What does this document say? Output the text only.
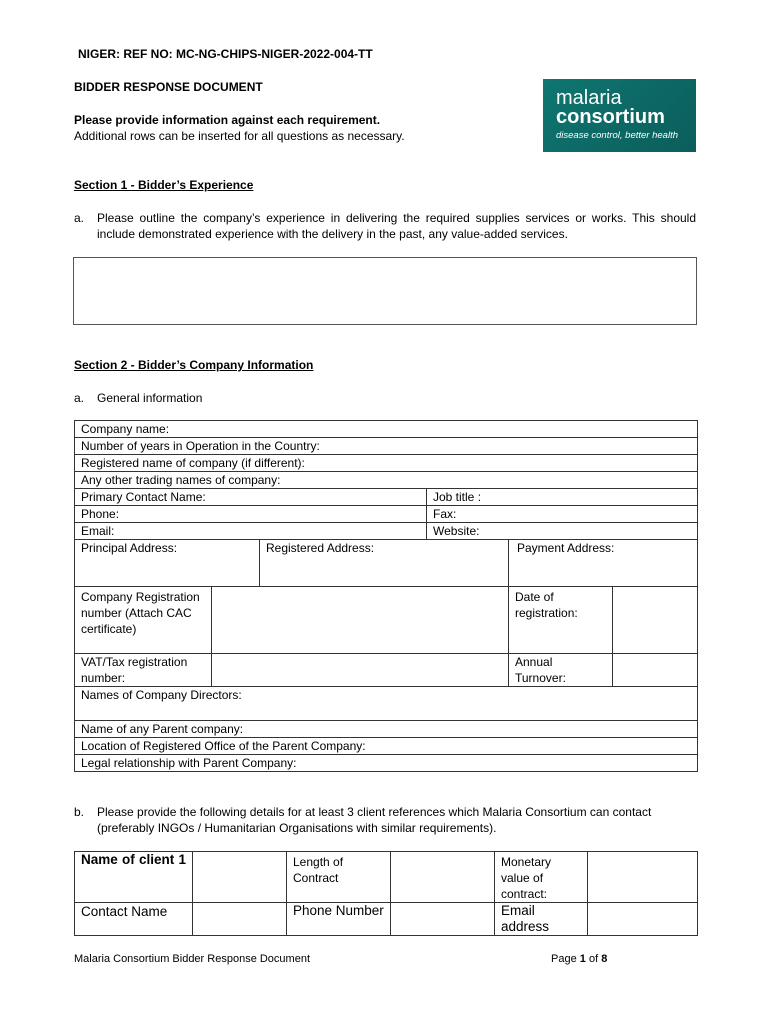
NIGER: REF NO: MC-NG-CHIPS-NIGER-2022-004-TT
BIDDER RESPONSE DOCUMENT
Please provide information against each requirement.
Additional rows can be inserted for all questions as necessary.
malaria
consortium
disease control, better health
Section 1 - Bidder’s Experience
a. Please outline the company’s experience in delivering the required supplies services or works. This should include demonstrated experience with the delivery in the past, any value-added services.
Section 2 - Bidder’s Company Information
a. General information
Company name:					
Number of years in Operation in the Country:					
Registered name of company (if different):					
Any other trading names of company:					
Primary Contact Name:			Job title :		
Phone:			Fax:		
Email:			Website:		
Principal Address:		Registered Address:		Payment Address:	
Company Registration number (Attach CAC certificate)				Date of registration:	
VAT/Tax registration number:				Annual Turnover:	
Names of Company Directors:					
Name of any Parent company:					
Location of Registered Office of the Parent Company:					
Legal relationship with Parent Company:					
b. Please provide the following details for at least 3 client references which Malaria Consortium can contact (preferably INGOs / Humanitarian Organisations with similar requirements).
Name of client 1		Length of Contract		Monetary value of contract:	
Contact Name		Phone Number		Email address	
Malaria Consortium Bidder Response Document	Page 1 of 8
